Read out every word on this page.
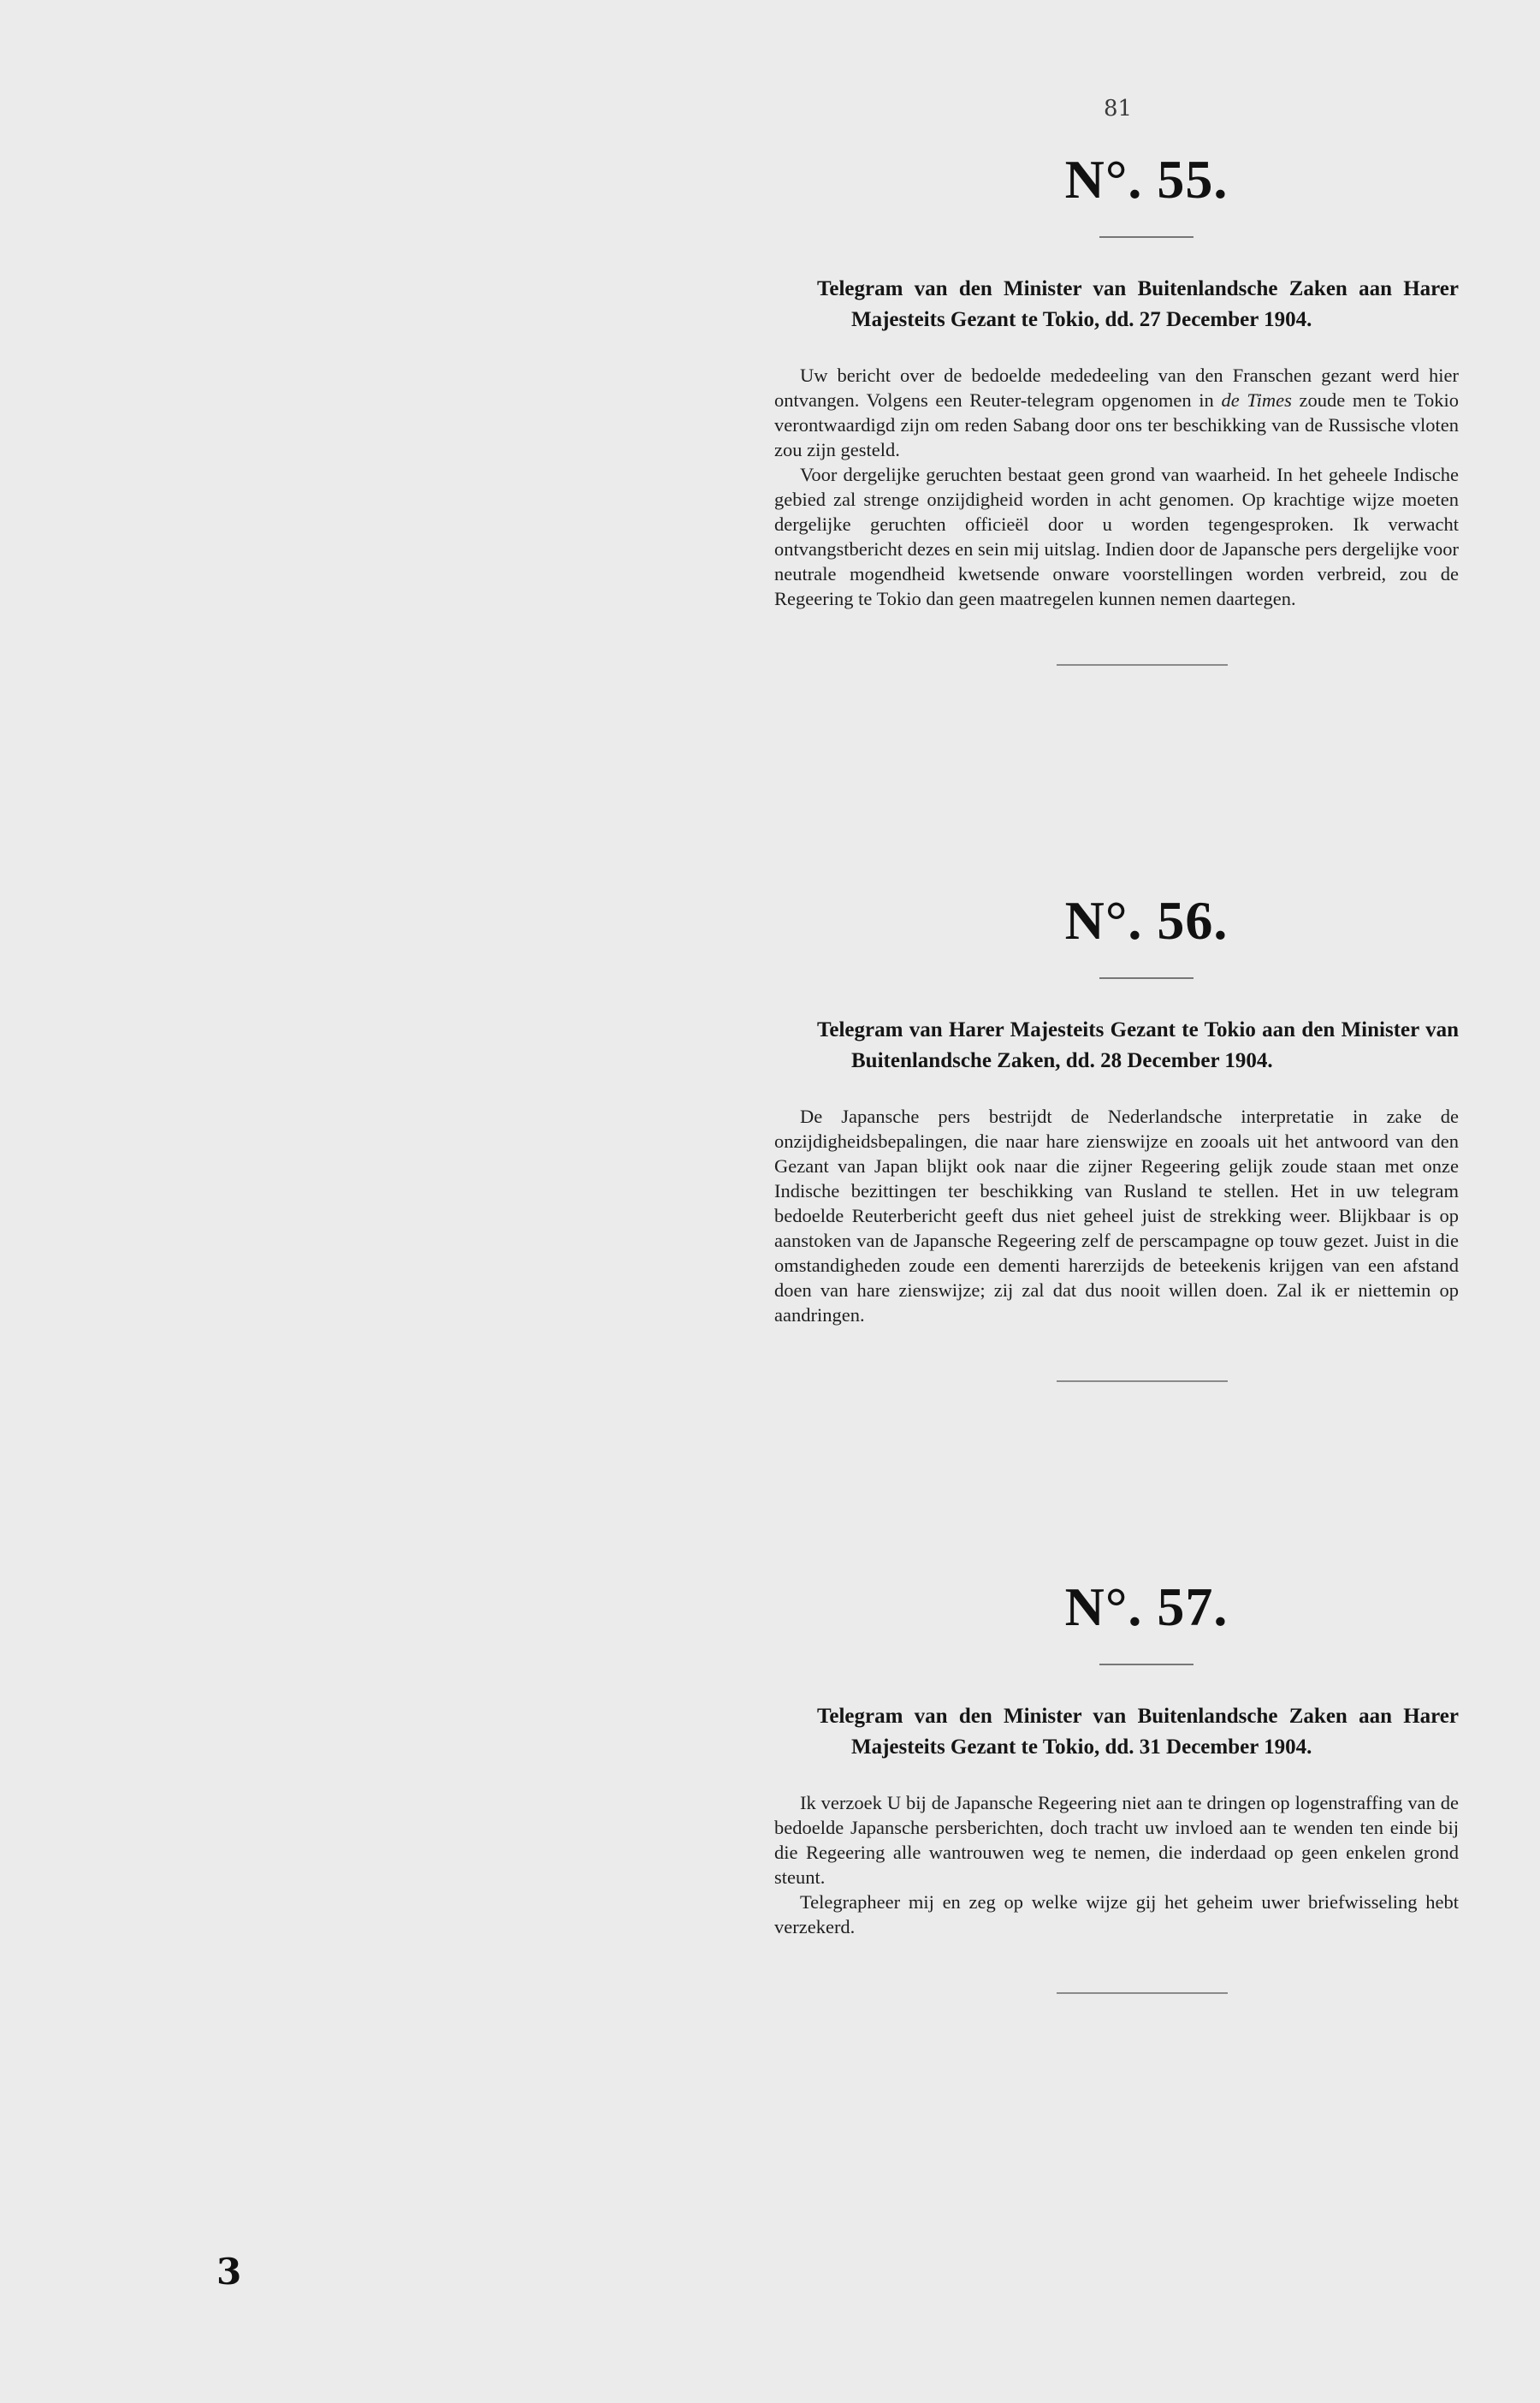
81
N°. 55.

Telegram van den Minister van Buitenlandsche Zaken aan Harer Majesteits Gezant te Tokio, dd. 27 December 1904.

Uw bericht over de bedoelde mededeeling van den Franschen gezant werd hier ontvangen. Volgens een Reuter-telegram opgenomen in de Times zoude men te Tokio verontwaardigd zijn om reden Sabang door ons ter beschikking van de Russische vloten zou zijn gesteld.

Voor dergelijke geruchten bestaat geen grond van waarheid. In het geheele Indische gebied zal strenge onzijdigheid worden in acht genomen. Op krachtige wijze moeten dergelijke geruchten officieël door u worden tegengesproken. Ik verwacht ontvangstbericht dezes en sein mij uitslag. Indien door de Japansche pers dergelijke voor neutrale mogendheid kwetsende onware voorstellingen worden verbreid, zou de Regeering te Tokio dan geen maatregelen kunnen nemen daartegen.

N°. 56.

Telegram van Harer Majesteits Gezant te Tokio aan den Minister van Buitenlandsche Zaken, dd. 28 December 1904.

De Japansche pers bestrijdt de Nederlandsche interpretatie in zake de onzijdigheidsbepalingen, die naar hare zienswijze en zooals uit het antwoord van den Gezant van Japan blijkt ook naar die zijner Regeering gelijk zoude staan met onze Indische bezittingen ter beschikking van Rusland te stellen. Het in uw telegram bedoelde Reuterbericht geeft dus niet geheel juist de strekking weer. Blijkbaar is op aanstoken van de Japansche Regeering zelf de perscampagne op touw gezet. Juist in die omstandigheden zoude een dementi harerzijds de beteekenis krijgen van een afstand doen van hare zienswijze; zij zal dat dus nooit willen doen. Zal ik er niettemin op aandringen.

N°. 57.

Telegram van den Minister van Buitenlandsche Zaken aan Harer Majesteits Gezant te Tokio, dd. 31 December 1904.

Ik verzoek U bij de Japansche Regeering niet aan te dringen op logenstraffing van de bedoelde Japansche persberichten, doch tracht uw invloed aan te wenden ten einde bij die Regeering alle wantrouwen weg te nemen, die inderdaad op geen enkelen grond steunt.

Telegrapheer mij en zeg op welke wijze gij het geheim uwer briefwisseling hebt verzekerd.

3
